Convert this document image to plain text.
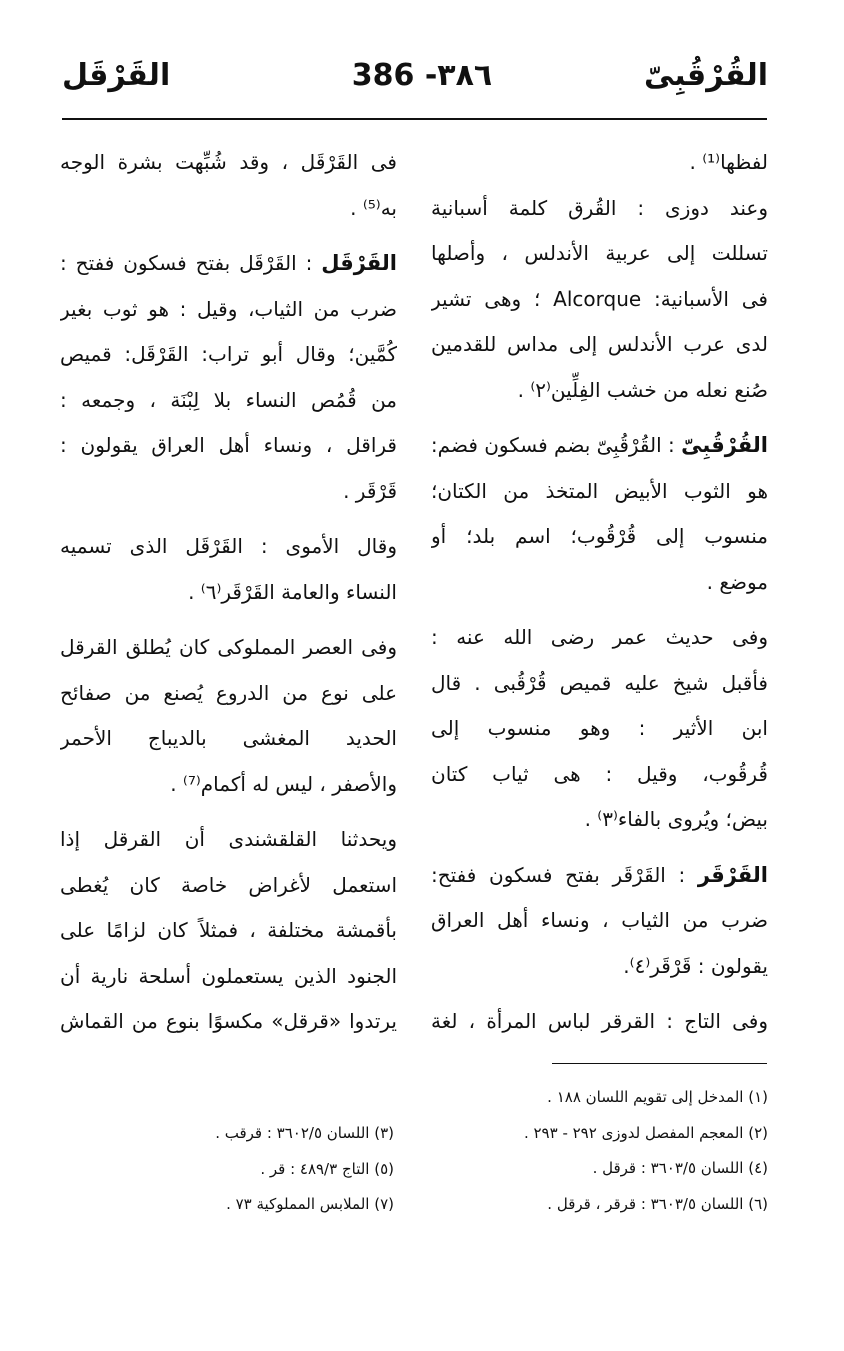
القُرْقُبِىّ
386 -٣٨٦
القَرْقَل
لفظها⁽¹⁾ .
وعند دوزى : القُرق كلمة أسبانية
تسللت إلى عربية الأندلس ، وأصلها
فى الأسبانية: Alcorque ؛ وهى تشير
لدى عرب الأندلس إلى مداس للقدمين
صُنع نعله من خشب الفِلِّين⁽٢⁾ .
القُرْقُبِىّ : القُرْقُبِىّ بضم فسكون فضم:
هو الثوب الأبيض المتخذ من الكتان؛
منسوب إلى قُرْقُوب؛ اسم بلد؛ أو
موضع .
وفى حديث عمر رضى الله عنه :
فأقبل شيخ عليه قميص قُرْقُبى . قال
ابن الأثير : وهو منسوب إلى
قُرقُوب، وقيل : هى ثياب كتان
بيض؛ ويُروى بالفاء⁽٣⁾ .
القَرْقَر : القَرْقَر بفتح فسكون ففتح:
ضرب من الثياب ، ونساء أهل العراق
يقولون : قَرْقَر⁽٤⁾.
وفى التاج : القرقر لباس المرأة ، لغة
فى القَرْقَل ، وقد شُبِّهت بشرة الوجه
به⁽⁵⁾ .
القَرْقَل : القَرْقَل بفتح فسكون ففتح :
ضرب من الثياب، وقيل : هو ثوب بغير
كُمَّين؛ وقال أبو تراب: القَرْقَل: قميص
من قُمُص النساء بلا لِبْنَة ، وجمعه :
قراقل ، ونساء أهل العراق يقولون :
قَرْقَر .
وقال الأموى : القَرْقَل الذى تسميه
النساء والعامة القَرْقَر⁽٦⁾ .
وفى العصر المملوكى كان يُطلق القرقل
على نوع من الدروع يُصنع من صفائح
الحديد المغشى بالديباج الأحمر
والأصفر ، ليس له أكمام⁽⁷⁾ .
ويحدثنا القلقشندى أن القرقل إذا
استعمل لأغراض خاصة كان يُغطى
بأقمشة مختلفة ، فمثلاً كان لزامًا على
الجنود الذين يستعملون أسلحة نارية أن
يرتدوا «قرقل» مكسوًا بنوع من القماش
(١) المدخل إلى تقويم اللسان ١٨٨ .
(٢) المعجم المفصل لدوزى ٢٩٢ - ٢٩٣ .
(٤) اللسان ٣٦٠٣/٥ : قرقل .
(٦) اللسان ٣٦٠٣/٥ : قرقر ، قرقل .
(٣) اللسان ٣٦٠٢/٥ : قرقب .
(٥) التاج ٤٨٩/٣ : قر .
(٧) الملابس المملوكية ٧٣ .
